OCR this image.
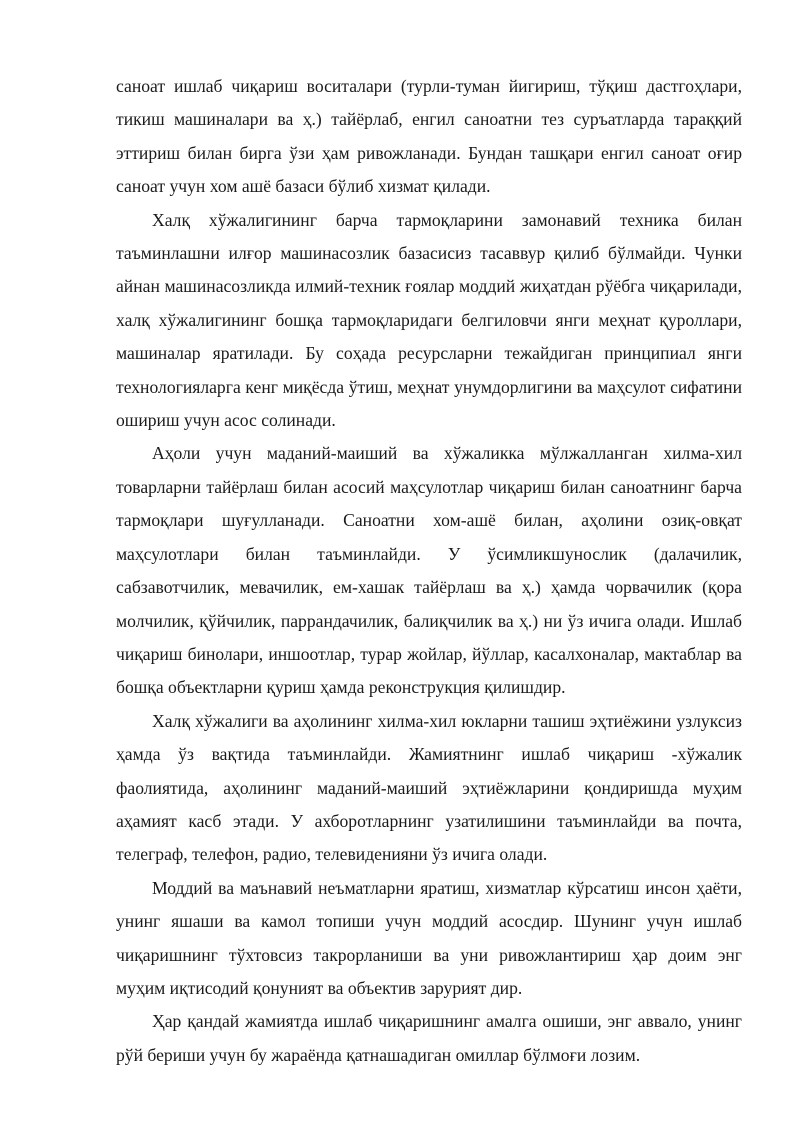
саноат ишлаб чиқариш воситалари (турли-туман йигириш, тўқиш дастгоҳлари, тикиш машиналари ва ҳ.) тайёрлаб, енгил саноатни тез суръатларда тараққий эттириш билан бирга ўзи ҳам ривожланади. Бундан ташқари енгил саноат оғир саноат учун хом ашё базаси бўлиб хизмат қилади.

Халқ хўжалигининг барча тармоқларини замонавий техника билан таъминлашни илғор машинасозлик базасисиз тасаввур қилиб бўлмайди. Чунки айнан машинасозликда илмий-техник ғоялар моддий жиҳатдан рўёбга чиқарилади, халқ хўжалигининг бошқа тармоқларидаги белгиловчи янги меҳнат қуроллари, машиналар яратилади. Бу соҳада ресурсларни тежайдиган принципиал янги технологияларга кенг миқёсда ўтиш, меҳнат унумдорлигини ва маҳсулот сифатини ошириш учун асос солинади.

Аҳоли учун маданий-маиший ва хўжаликка мўлжалланган хилма-хил товарларни тайёрлаш билан асосий маҳсулотлар чиқариш билан саноатнинг барча тармоқлари шуғулланади. Саноатни хом-ашё билан, аҳолини озиқ-овқат маҳсулотлари билан таъминлайди. У ўсимликшунослик (далачилик, сабзавотчилик, мевачилик, ем-хашак тайёрлаш ва ҳ.) ҳамда чорвачилик (қора молчилик, қўйчилик, паррандачилик, балиқчилик ва ҳ.) ни ўз ичига олади. Ишлаб чиқариш бинолари, иншоотлар, турар жойлар, йўллар, касалхоналар, мактаблар ва бошқа объектларни қуриш ҳамда реконструкция қилишдир.

Халқ хўжалиги ва аҳолининг хилма-хил юкларни ташиш эҳтиёжини узлуксиз ҳамда ўз вақтида таъминлайди. Жамиятнинг ишлаб чиқариш -хўжалик фаолиятида, аҳолининг маданий-маиший эҳтиёжларини қондиришда муҳим аҳамият касб этади. У ахборотларнинг узатилишини таъминлайди ва почта, телеграф, телефон, радио, телевиденияни ўз ичига олади.

Моддий ва маънавий неъматларни яратиш, хизматлар кўрсатиш инсон ҳаёти, унинг яшаши ва камол топиши учун моддий асосдир. Шунинг учун ишлаб чиқаришнинг тўхтовсиз такрорланиши ва уни ривожлантириш ҳар доим энг муҳим иқтисодий қонуният ва объектив зарурият дир.

Ҳар қандай жамиятда ишлаб чиқаришнинг амалга ошиши, энг аввало, унинг рўй бериши учун бу жараёнда қатнашадиган омиллар бўлмоғи лозим.
